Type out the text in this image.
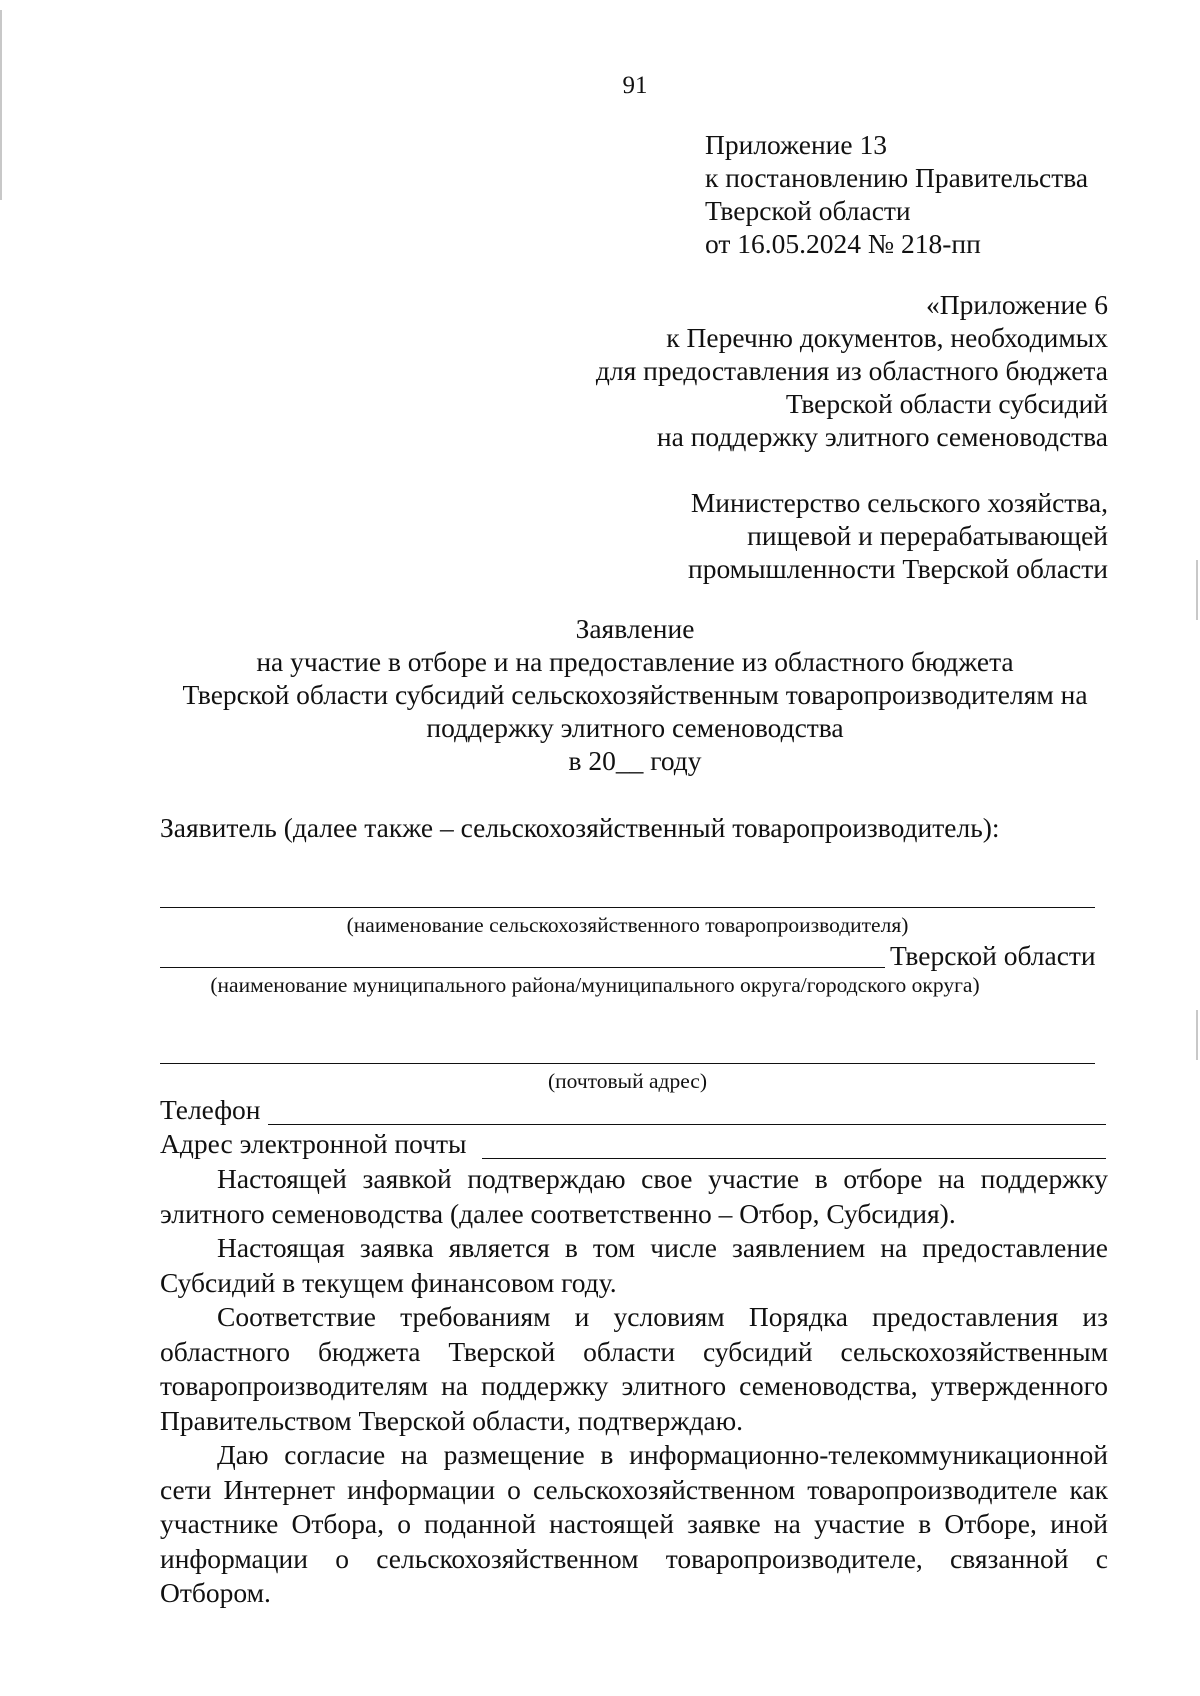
91
Приложение 13
к постановлению Правительства
Тверской области
от 16.05.2024 № 218-пп
«Приложение 6
к Перечню документов, необходимых
для предоставления из областного бюджета
Тверской области субсидий
на поддержку элитного семеноводства
Министерство сельского хозяйства,
пищевой и перерабатывающей
промышленности Тверской области
Заявление
на участие в отборе и на предоставление из областного бюджета
Тверской области субсидий сельскохозяйственным товаропроизводителям на
поддержку элитного семеноводства
в 20__ году
Заявитель (далее также – сельскохозяйственный товаропроизводитель):
(наименование сельскохозяйственного товаропроизводителя)
Тверской области
(наименование муниципального района/муниципального округа/городского округа)
(почтовый адрес)
Телефон
Адрес электронной почты

Настоящей заявкой подтверждаю свое участие в отборе на поддержку элитного семеноводства (далее соответственно – Отбор, Субсидия).

Настоящая заявка является в том числе заявлением на предоставление Субсидий в текущем финансовом году.

Соответствие требованиям и условиям Порядка предоставления из областного бюджета Тверской области субсидий сельскохозяйственным товаропроизводителям на поддержку элитного семеноводства, утвержденного Правительством Тверской области, подтверждаю.

Даю согласие на размещение в информационно-телекоммуникационной сети Интернет информации о сельскохозяйственном товаропроизводителе как участнике Отбора, о поданной настоящей заявке на участие в Отборе, иной информации о сельскохозяйственном товаропроизводителе, связанной с Отбором.
